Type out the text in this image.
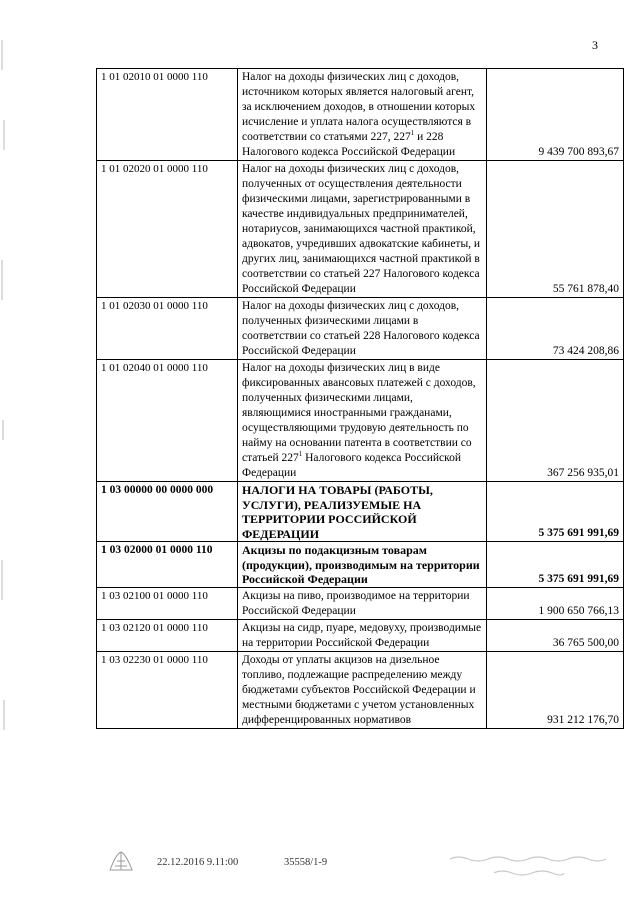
3
1 01 02010 01 0000 110	Налог на доходы физических лиц с доходов, источником которых является налоговый агент, за исключением доходов, в отношении которых исчисление и уплата налога осуществляются в соответствии со статьями 227, $227^1$ и 228 Налогового кодекса Российской Федерации	9 439 700 893,67
1 01 02020 01 0000 110	Налог на доходы физических лиц с доходов, полученных от осуществления деятельности физическими лицами, зарегистрированными в качестве индивидуальных предпринимателей, нотариусов, занимающихся частной практикой, адвокатов, учредивших адвокатские кабинеты, и других лиц, занимающихся частной практикой в соответствии со статьей 227 Налогового кодекса Российской Федерации	55 761 878,40
1 01 02030 01 0000 110	Налог на доходы физических лиц с доходов, полученных физическими лицами в соответствии со статьей 228 Налогового кодекса Российской Федерации	73 424 208,86
1 01 02040 01 0000 110	Налог на доходы физических лиц в виде фиксированных авансовых платежей с доходов, полученных физическими лицами, являющимися иностранными гражданами, осуществляющими трудовую деятельность по найму на основании патента в соответствии со статьей $227^1$ Налогового кодекса Российской Федерации	367 256 935,01
1 03 00000 00 0000 000	НАЛОГИ НА ТОВАРЫ (РАБОТЫ, УСЛУГИ), РЕАЛИЗУЕМЫЕ НА ТЕРРИТОРИИ РОССИЙСКОЙ ФЕДЕРАЦИИ	5 375 691 991,69
1 03 02000 01 0000 110	Акцизы по подакцизным товарам (продукции), производимым на территории Российской Федерации	5 375 691 991,69
1 03 02100 01 0000 110	Акцизы на пиво, производимое на территории Российской Федерации	1 900 650 766,13
1 03 02120 01 0000 110	Акцизы на сидр, пуаре, медовуху, производимые на территории Российской Федерации	36 765 500,00
1 03 02230 01 0000 110	Доходы от уплаты акцизов на дизельное топливо, подлежащие распределению между бюджетами субъектов Российской Федерации и местными бюджетами с учетом установленных дифференцированных нормативов	931 212 176,70
22.12.2016 9.11:00	35558/1-9
